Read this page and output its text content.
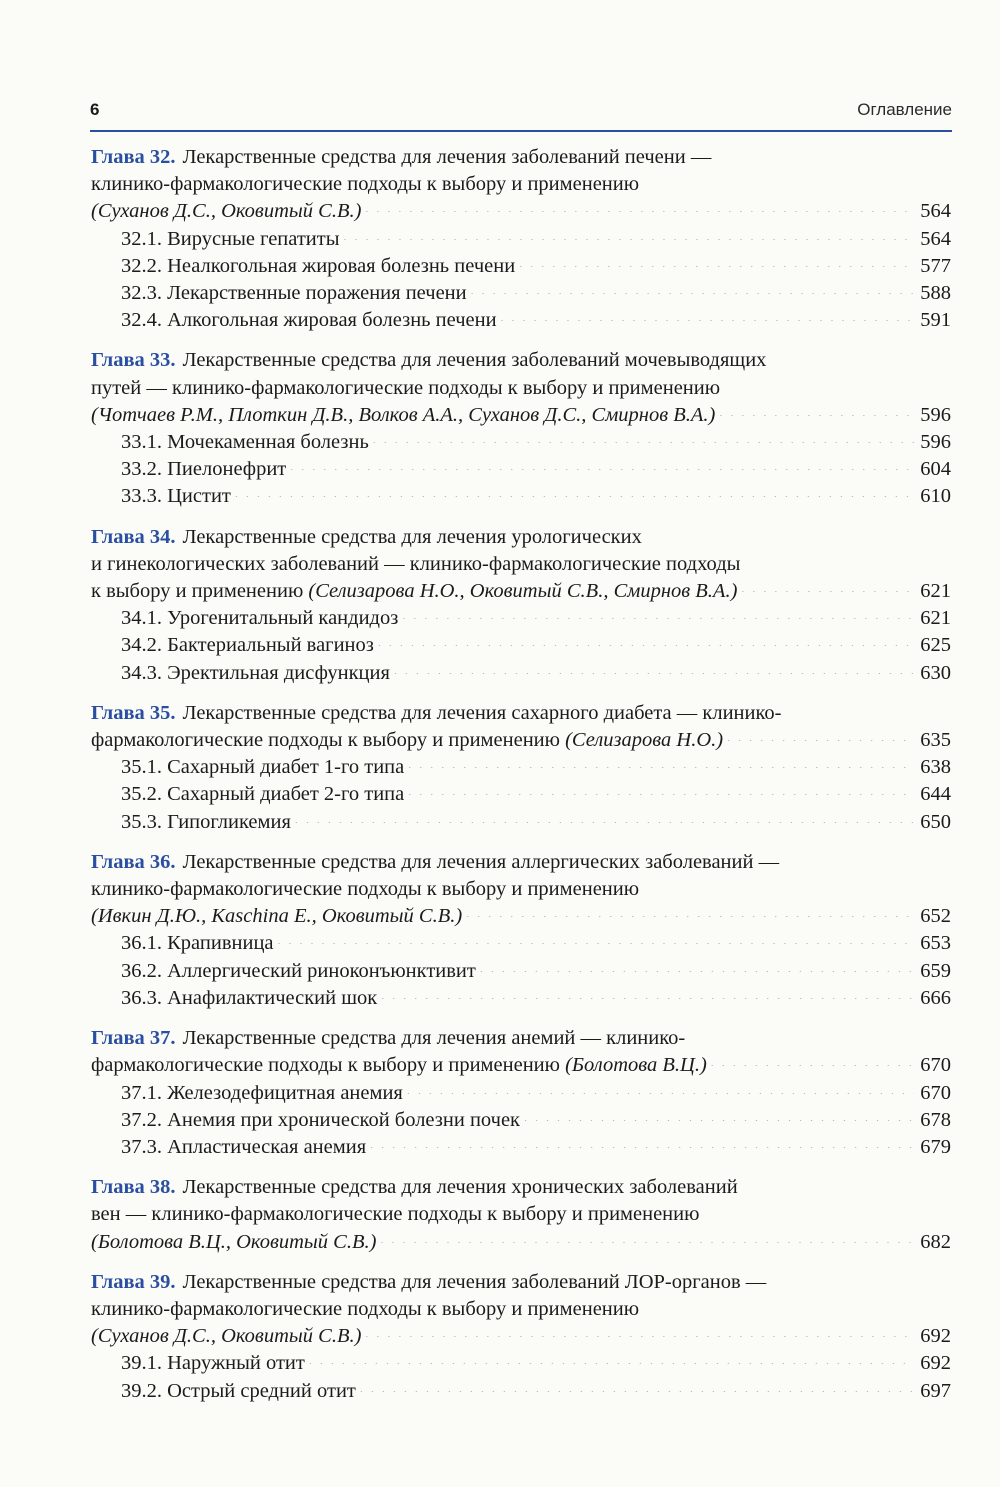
6	Оглавление
Глава 32. Лекарственные средства для лечения заболеваний печени —
клинико-фармакологические подходы к выбору и применению
(Суханов Д.С., Оковитый С.В.) . . .	564
32.1. Вирусные гепатиты . . .	564
32.2. Неалкогольная жировая болезнь печени . . .	577
32.3. Лекарственные поражения печени . . .	588
32.4. Алкогольная жировая болезнь печени . . .	591
Глава 33. Лекарственные средства для лечения заболеваний мочевыводящих
путей — клинико-фармакологические подходы к выбору и применению
(Чотчаев Р.М., Плоткин Д.В., Волков А.А., Суханов Д.С., Смирнов В.А.) . . .	596
33.1. Мочекаменная болезнь . . .	596
33.2. Пиелонефрит . . .	604
33.3. Цистит . . .	610
Глава 34. Лекарственные средства для лечения урологических
и гинекологических заболеваний — клинико-фармакологические подходы
к выбору и применению
(Селизарова Н.О., Оковитый С.В., Смирнов В.А.) . . .	621
34.1. Урогенитальный кандидоз . . .	621
34.2. Бактериальный вагиноз . . .	625
34.3. Эректильная дисфункция . . .	630
Глава 35. Лекарственные средства для лечения сахарного диабета — клинико-
фармакологические подходы к выбору и применению
(Селизарова Н.О.) . . .	635
35.1. Сахарный диабет 1-го типа . . .	638
35.2. Сахарный диабет 2-го типа . . .	644
35.3. Гипогликемия . . .	650
Глава 36. Лекарственные средства для лечения аллергических заболеваний —
клинико-фармакологические подходы к выбору и применению
(Ивкин Д.Ю., Kaschina E., Оковитый С.В.) . . .	652
36.1. Крапивница . . .	653
36.2. Аллергический риноконъюнктивит . . .	659
36.3. Анафилактический шок . . .	666
Глава 37. Лекарственные средства для лечения анемий — клинико-
фармакологические подходы к выбору и применению
(Болотова В.Ц.) . . .	670
37.1. Железодефицитная анемия . . .	670
37.2. Анемия при хронической болезни почек . . .	678
37.3. Апластическая анемия . . .	679
Глава 38. Лекарственные средства для лечения хронических заболеваний
вен — клинико-фармакологические подходы к выбору и применению
(Болотова В.Ц., Оковитый С.В.) . . .	682
Глава 39. Лекарственные средства для лечения заболеваний ЛОР-органов —
клинико-фармакологические подходы к выбору и применению
(Суханов Д.С., Оковитый С.В.) . . .	692
39.1. Наружный отит . . .	692
39.2. Острый средний отит . . .	697
